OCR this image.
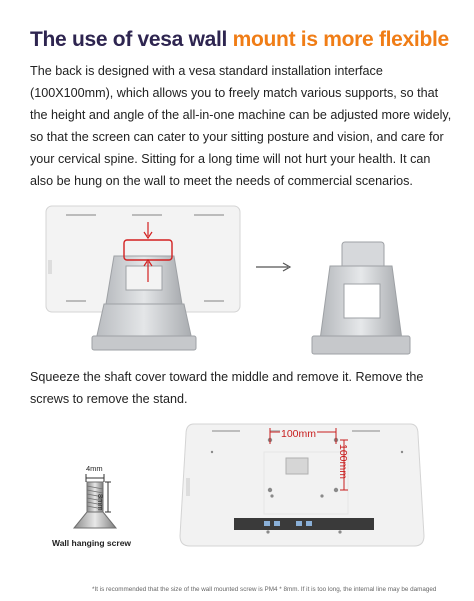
The use of vesa wall mount is more flexible
The back is designed with a vesa standard installation interface (100X100mm), which allows you to freely match various supports, so that the height and angle of the all-in-one machine can be adjusted more widely, so that the screen can cater to your sitting posture and vision, and care for your cervical spine. Sitting for a long time will not hurt your health. It can also be hung on the wall to meet the needs of commercial scenarios.
Squeeze the shaft cover toward the middle and remove it. Remove the screws to remove the stand.
4mm
8mm
Wall hanging screw
100mm
100mm
*It is recommended that the size of the wall mounted screw is PM4 * 8mm. If it is too long, the internal line may be damaged
